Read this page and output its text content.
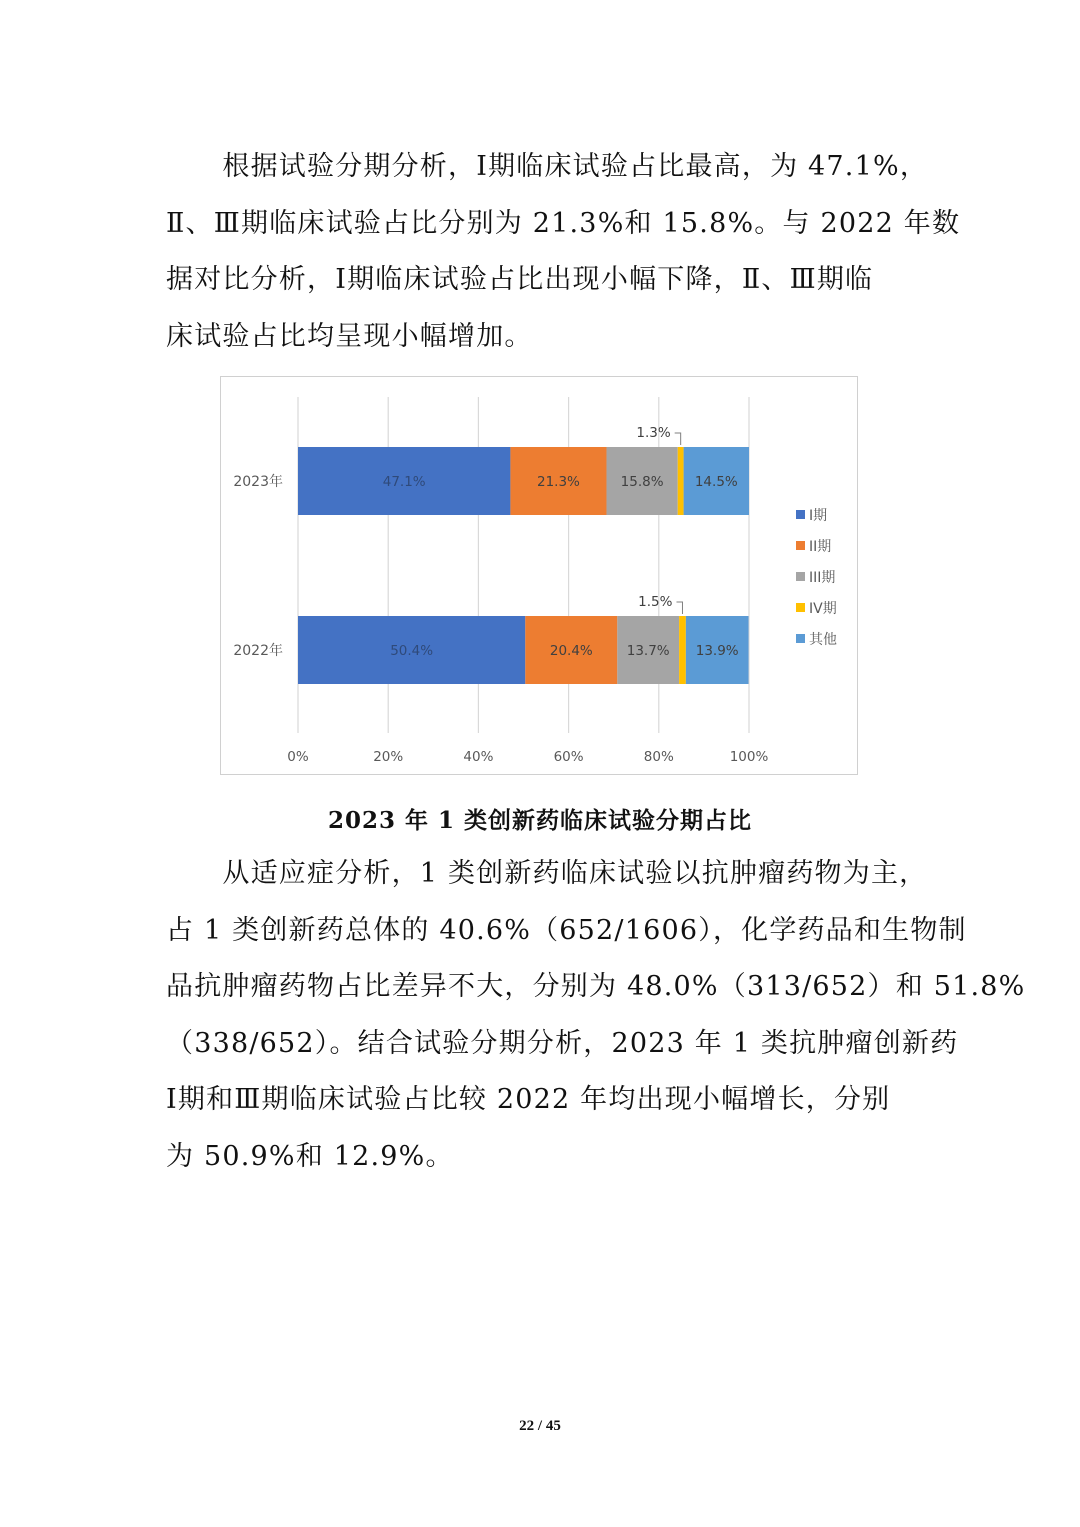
　　根据试验分期分析，Ⅰ期临床试验占比最高，为 47.1%，
Ⅱ、Ⅲ期临床试验占比分别为 21.3%和 15.8%。与 2022 年数
据对比分析，Ⅰ期临床试验占比出现小幅下降，Ⅱ、Ⅲ期临
床试验占比均呈现小幅增加。
0%	20%	40%	60%	80%	100%
2023年	47.1%	21.3%	15.8%
1.3%
14.5%
2022年	50.4%	20.4%	13.7%
1.5%
13.9%
I期
II期
III期
IV期
其他
2023 年 1 类创新药临床试验分期占比
　　从适应症分析，1 类创新药临床试验以抗肿瘤药物为主，
占 1 类创新药总体的 40.6%（652/1606），化学药品和生物制
品抗肿瘤药物占比差异不大，分别为 48.0%（313/652）和 51.8%
（338/652）。结合试验分期分析，2023 年 1 类抗肿瘤创新药
Ⅰ期和Ⅲ期临床试验占比较 2022 年均出现小幅增长，分别
为 50.9%和 12.9%。
22 / 45
